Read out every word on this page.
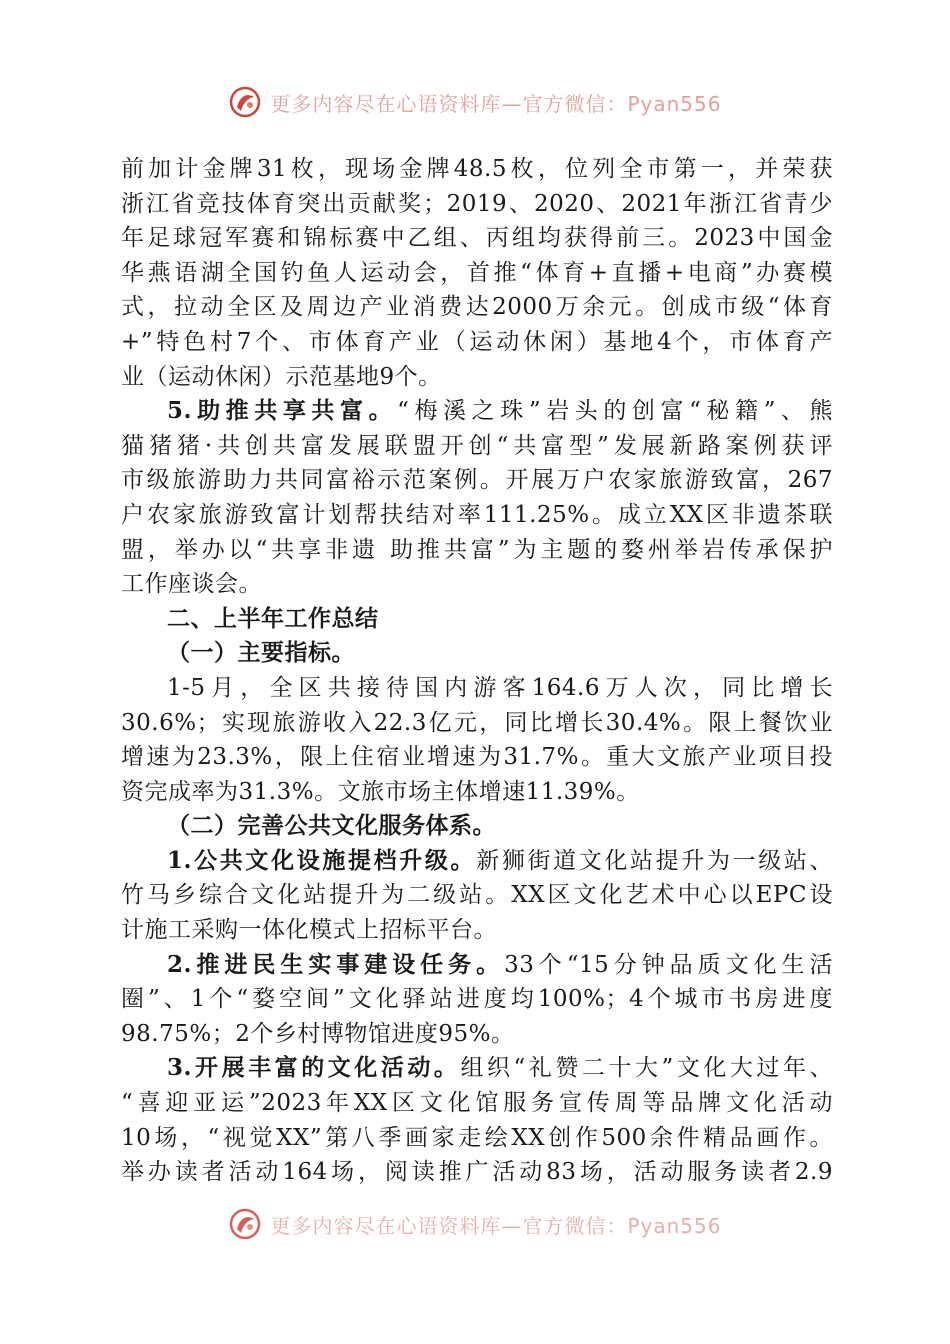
更多内容尽在心语资料库—官方微信：Pyan556
前加计金牌31枚，现场金牌48.5枚，位列全市第一，并荣获
浙江省竞技体育突出贡献奖；2019、2020、2021年浙江省青少
年足球冠军赛和锦标赛中乙组、丙组均获得前三。2023中国金
华燕语湖全国钓鱼人运动会，首推“体育+直播+电商”办赛模
式，拉动全区及周边产业消费达2000万余元。创成市级“体育
+”特色村7个、市体育产业（运动休闲）基地4个，市体育产
业（运动休闲）示范基地9个。
5.助推共享共富。“梅溪之珠”岩头的创富“秘籍”、熊
猫猪猪·共创共富发展联盟开创“共富型”发展新路案例获评
市级旅游助力共同富裕示范案例。开展万户农家旅游致富，267
户农家旅游致富计划帮扶结对率111.25%。成立XX区非遗茶联
盟，举办以“共享非遗 助推共富”为主题的婺州举岩传承保护
工作座谈会。
二、上半年工作总结
（一）主要指标。
1-5月，全区共接待国内游客164.6万人次，同比增长
30.6%；实现旅游收入22.3亿元，同比增长30.4%。限上餐饮业
增速为23.3%，限上住宿业增速为31.7%。重大文旅产业项目投
资完成率为31.3%。文旅市场主体增速11.39%。
（二）完善公共文化服务体系。
1.公共文化设施提档升级。新狮街道文化站提升为一级站、
竹马乡综合文化站提升为二级站。XX区文化艺术中心以EPC设
计施工采购一体化模式上招标平台。
2.推进民生实事建设任务。33个“15分钟品质文化生活
圈”、1个“婺空间”文化驿站进度均100%；4个城市书房进度
98.75%；2个乡村博物馆进度95%。
3.开展丰富的文化活动。组织“礼赞二十大”文化大过年、
“喜迎亚运”2023年XX区文化馆服务宣传周等品牌文化活动
10场，“视觉XX”第八季画家走绘XX创作500余件精品画作。
举办读者活动164场，阅读推广活动83场，活动服务读者2.9
更多内容尽在心语资料库—官方微信：Pyan556
